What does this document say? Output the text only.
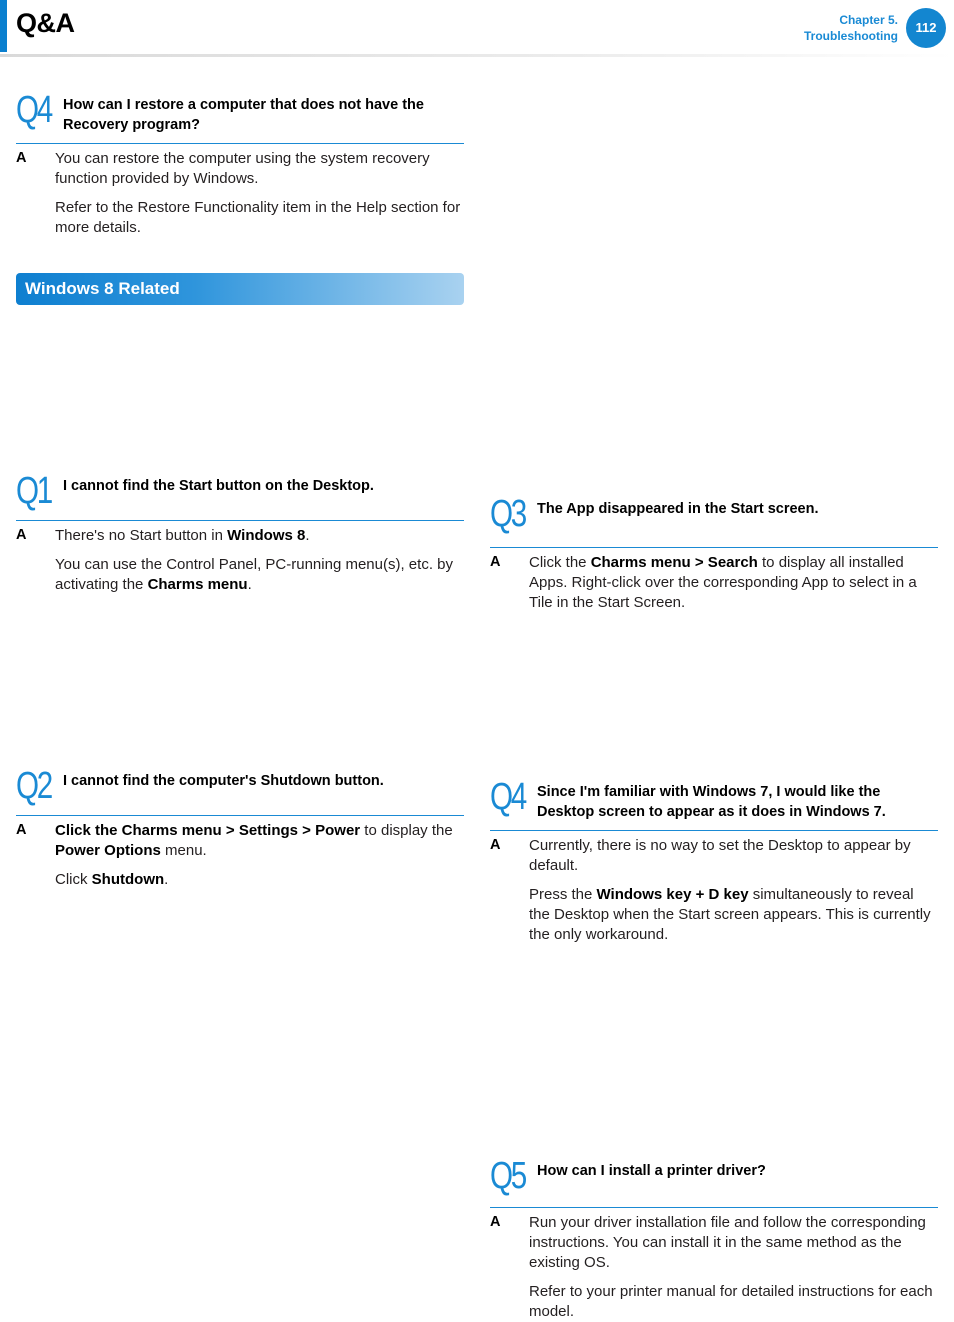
Q&A	Chapter 5.
Troubleshooting
112
Q4 How can I restore a computer that does not have the Recovery program?
A You can restore the computer using the system recovery function provided by Windows.

Refer to the Restore Functionality item in the Help section for more details.

Windows 8 Related
Q1 I cannot find the Start button on the Desktop.
A There's no Start button in Windows 8.

You can use the Control Panel, PC-running menu(s), etc. by activating the Charms menu.

Q2 I cannot find the computer's Shutdown button.
A Click the Charms menu > Settings > Power to display the Power Options menu.

Click Shutdown.

Q3 The App disappeared in the Start screen.
A Click the Charms menu > Search to display all installed Apps. Right-click over the corresponding App to select in a Tile in the Start Screen.

Q4 Since I'm familiar with Windows 7, I would like the Desktop screen to appear as it does in Windows 7.
A Currently, there is no way to set the Desktop to appear by default.

Press the Windows key + D key simultaneously to reveal the Desktop when the Start screen appears. This is currently the only workaround.

Q5 How can I install a printer driver?
A Run your driver installation file and follow the corresponding instructions. You can install it in the same method as the existing OS.

Refer to your printer manual for detailed instructions for each model.
